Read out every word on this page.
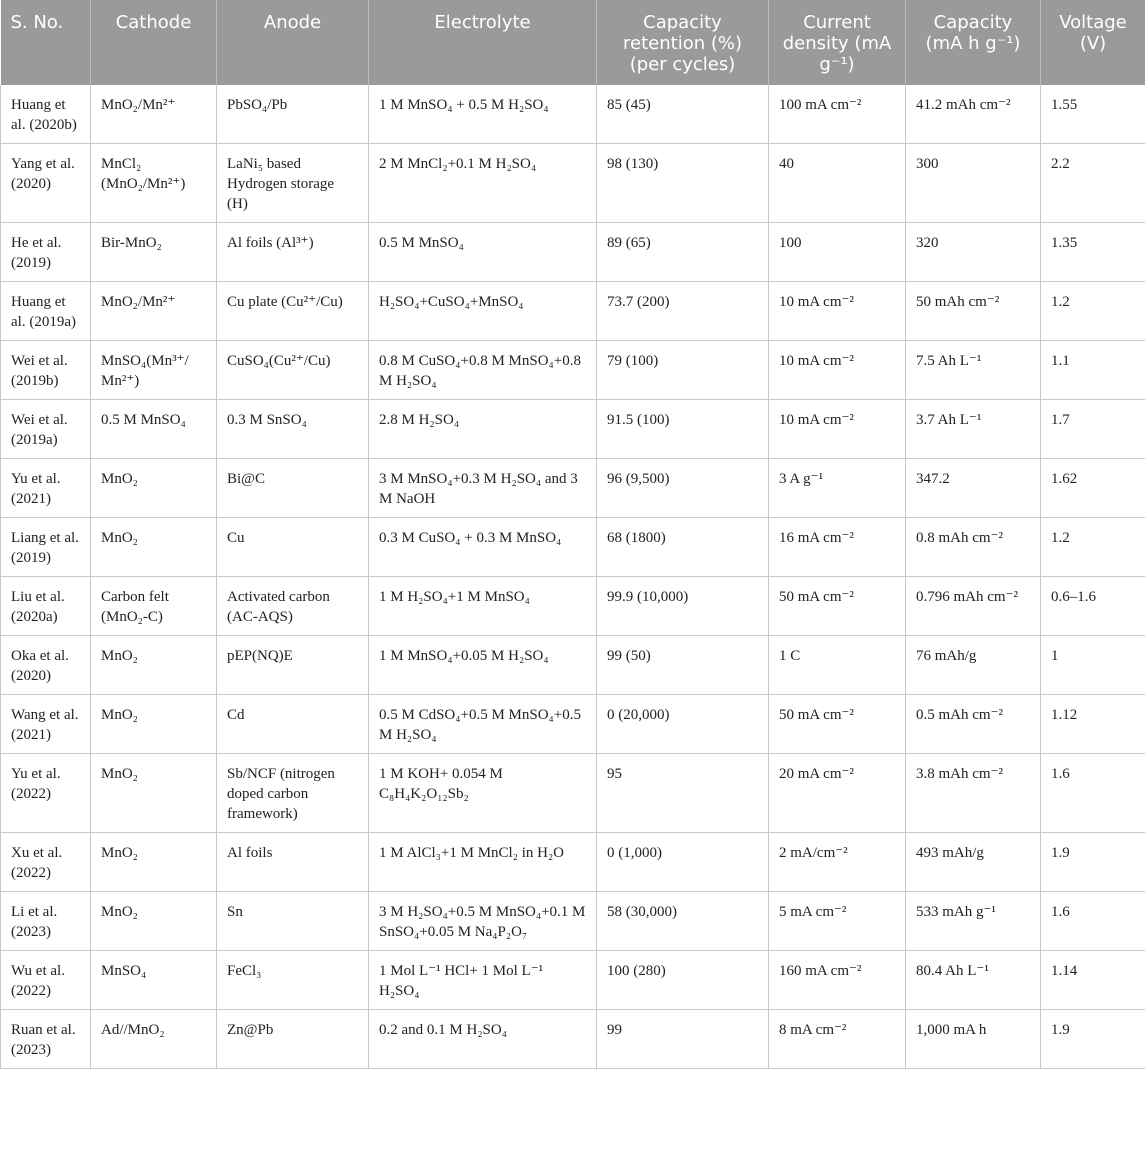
S. No.	Cathode	Anode	Electrolyte	Capacity retention (%) (per cycles)	Current density (mA g⁻¹)	Capacity (mA h g⁻¹)	Voltage (V)
Huang et al. (2020b)	MnO₂/Mn²⁺	PbSO₄/Pb	1 M MnSO₄ + 0.5 M H₂SO₄	85 (45)	100 mA cm⁻²	41.2 mAh cm⁻²	1.55
Yang et al. (2020)	MnCl₂ (MnO₂/Mn²⁺)	LaNi₅ based Hydrogen storage (H)	2 M MnCl₂+0.1 M H₂SO₄	98 (130)	40	300	2.2
He et al. (2019)	Bir-MnO₂	Al foils (Al³⁺)	0.5 M MnSO₄	89 (65)	100	320	1.35
Huang et al. (2019a)	MnO₂/Mn²⁺	Cu plate (Cu²⁺/Cu)	H₂SO₄+CuSO₄+MnSO₄	73.7 (200)	10 mA cm⁻²	50 mAh cm⁻²	1.2
Wei et al. (2019b)	MnSO₄(Mn³⁺/ Mn²⁺)	CuSO₄(Cu²⁺/Cu)	0.8 M CuSO₄+0.8 M MnSO₄+0.8 M H₂SO₄	79 (100)	10 mA cm⁻²	7.5 Ah L⁻¹	1.1
Wei et al. (2019a)	0.5 M MnSO₄	0.3 M SnSO₄	2.8 M H₂SO₄	91.5 (100)	10 mA cm⁻²	3.7 Ah L⁻¹	1.7
Yu et al. (2021)	MnO₂	Bi@C	3 M MnSO₄+0.3 M H₂SO₄ and 3 M NaOH	96 (9,500)	3 A g⁻¹	347.2	1.62
Liang et al. (2019)	MnO₂	Cu	0.3 M CuSO₄ + 0.3 M MnSO₄	68 (1800)	16 mA cm⁻²	0.8 mAh cm⁻²	1.2
Liu et al. (2020a)	Carbon felt (MnO₂-C)	Activated carbon (AC-AQS)	1 M H₂SO₄+1 M MnSO₄	99.9 (10,000)	50 mA cm⁻²	0.796 mAh cm⁻²	0.6–1.6
Oka et al. (2020)	MnO₂	pEP(NQ)E	1 M MnSO₄+0.05 M H₂SO₄	99 (50)	1 C	76 mAh/g	1
Wang et al. (2021)	MnO₂	Cd	0.5 M CdSO₄+0.5 M MnSO₄+0.5 M H₂SO₄	0 (20,000)	50 mA cm⁻²	0.5 mAh cm⁻²	1.12
Yu et al. (2022)	MnO₂	Sb/NCF (nitrogen doped carbon framework)	1 M KOH+ 0.054 M C₈H₄K₂O₁₂Sb₂	95	20 mA cm⁻²	3.8 mAh cm⁻²	1.6
Xu et al. (2022)	MnO₂	Al foils	1 M AlCl₃+1 M MnCl₂ in H₂O	0 (1,000)	2 mA/cm⁻²	493 mAh/g	1.9
Li et al. (2023)	MnO₂	Sn	3 M H₂SO₄+0.5 M MnSO₄+0.1 M SnSO₄+0.05 M Na₄P₂O₇	58 (30,000)	5 mA cm⁻²	533 mAh g⁻¹	1.6
Wu et al. (2022)	MnSO₄	FeCl₃	1 Mol L⁻¹ HCl+ 1 Mol L⁻¹ H₂SO₄	100 (280)	160 mA cm⁻²	80.4 Ah L⁻¹	1.14
Ruan et al. (2023)	Ad//MnO₂	Zn@Pb	0.2 and 0.1 M H₂SO₄	99	8 mA cm⁻²	1,000 mA h	1.9
